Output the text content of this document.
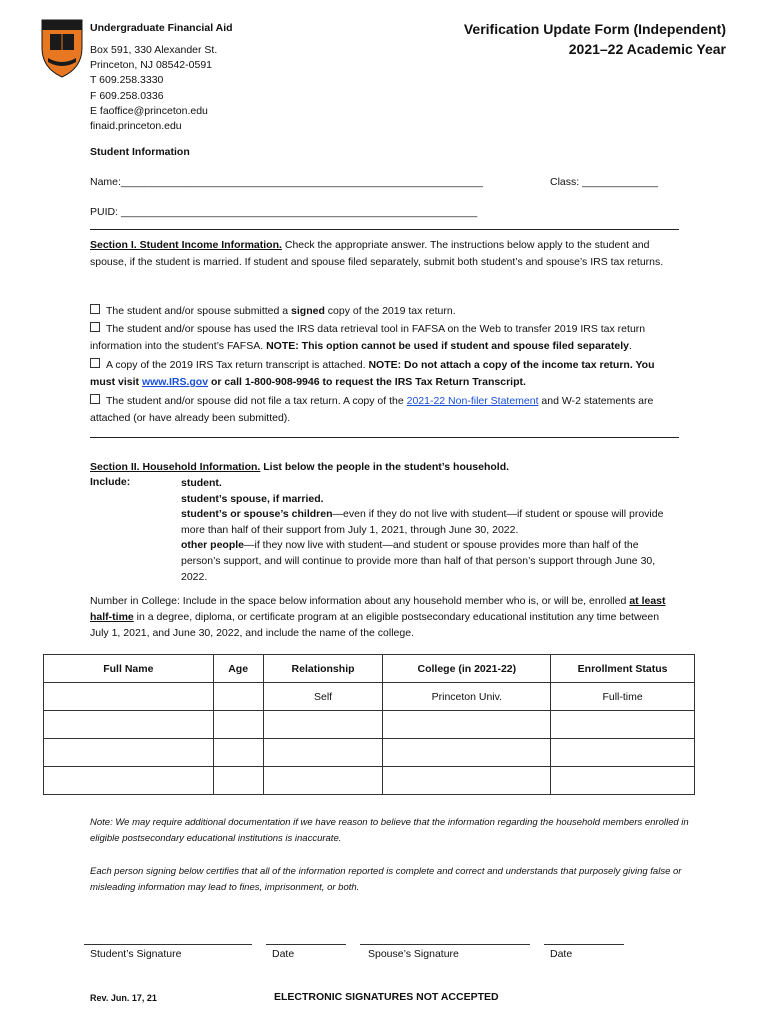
Undergraduate Financial Aid
Box 591, 330 Alexander St.
Princeton, NJ 08542-0591
T 609.258.3330
F 609.258.0336
E faoffice@princeton.edu
finaid.princeton.edu
Verification Update Form (Independent)
2021–22 Academic Year
Student Information
Name:______________________________________________________________	Class: _____________
PUID: _____________________________________________________________
Section I. Student Income Information. Check the appropriate answer. The instructions below apply to the student and spouse, if the student is married. If student and spouse filed separately, submit both student’s and spouse’s IRS tax returns.
The student and/or spouse submitted a signed copy of the 2019 tax return.
The student and/or spouse has used the IRS data retrieval tool in FAFSA on the Web to transfer 2019 IRS tax return information into the student’s FAFSA. NOTE: This option cannot be used if student and spouse filed separately.
A copy of the 2019 IRS Tax return transcript is attached. NOTE: Do not attach a copy of the income tax return. You must visit www.IRS.gov or call 1-800-908-9946 to request the IRS Tax Return Transcript.
The student and/or spouse did not file a tax return. A copy of the 2021-22 Non-filer Statement and W-2 statements are attached (or have already been submitted).
Section II. Household Information. List below the people in the student’s household.
Include:	student.
student’s spouse, if married.
student’s or spouse’s children—even if they do not live with student—if student or spouse will provide more than half of their support from July 1, 2021, through June 30, 2022.
other people—if they now live with student—and student or spouse provides more than half of the person’s support, and will continue to provide more than half of that person’s support through June 30, 2022.
Number in College: Include in the space below information about any household member who is, or will be, enrolled at least half-time in a degree, diploma, or certificate program at an eligible postsecondary educational institution any time between July 1, 2021, and June 30, 2022, and include the name of the college.
Full Name	Age	Relationship	College (in 2021-22)	Enrollment Status
		Self	Princeton Univ.	Full-time

Note: We may require additional documentation if we have reason to believe that the information regarding the household members enrolled in eligible postsecondary educational institutions is inaccurate.
Each person signing below certifies that all of the information reported is complete and correct and understands that purposely giving false or misleading information may lead to fines, imprisonment, or both.
Student’s Signature	Date	Spouse’s Signature	Date
Rev. Jun. 17, 21	ELECTRONIC SIGNATURES NOT ACCEPTED
